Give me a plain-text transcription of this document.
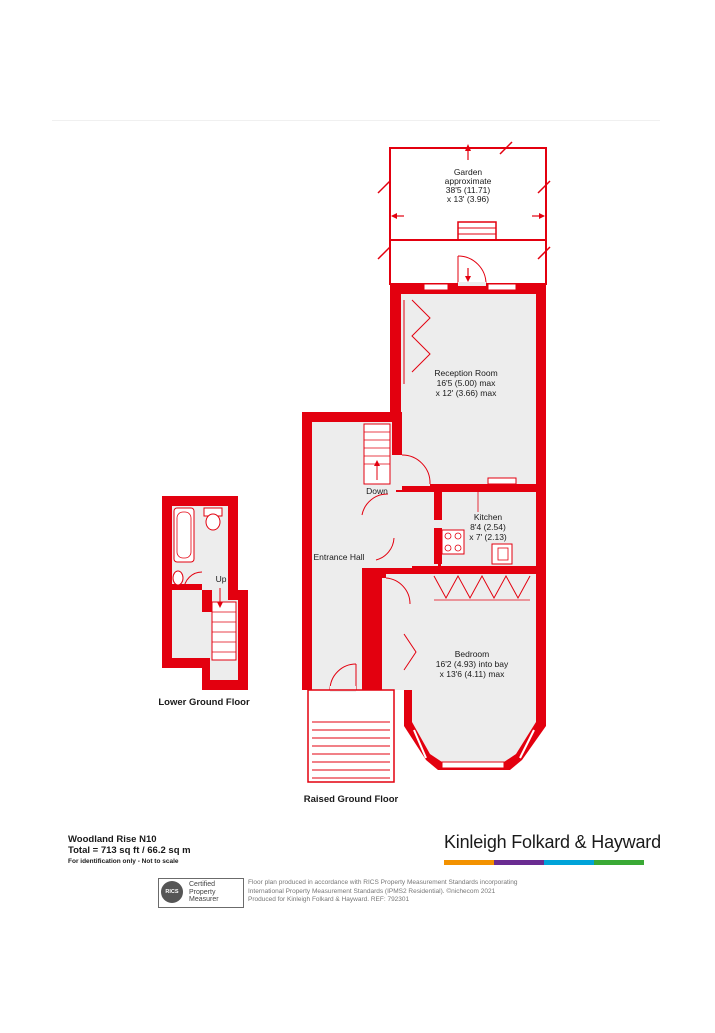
Garden
approximate
38'5 (11.71)
x 13' (3.96)
Reception Room
16'5 (5.00) max
x 12' (3.66) max
Kitchen
8'4 (2.54)
x 7' (2.13)
Bedroom
16'2 (4.93) into bay
x 13'6 (4.11) max
Entrance Hall
Down
Up
Lower Ground Floor
Raised Ground Floor
Woodland Rise N10
Total = 713 sq ft / 66.2 sq m
For identification only - Not to scale
Kinleigh Folkard & Hayward
RICS
Certified
Property
Measurer
Floor plan produced in accordance with RICS Property Measurement Standards incorporating
International Property Measurement Standards (IPMS2 Residential). ©nichecom 2021
Produced for Kinleigh Folkard & Hayward. REF: 792301
